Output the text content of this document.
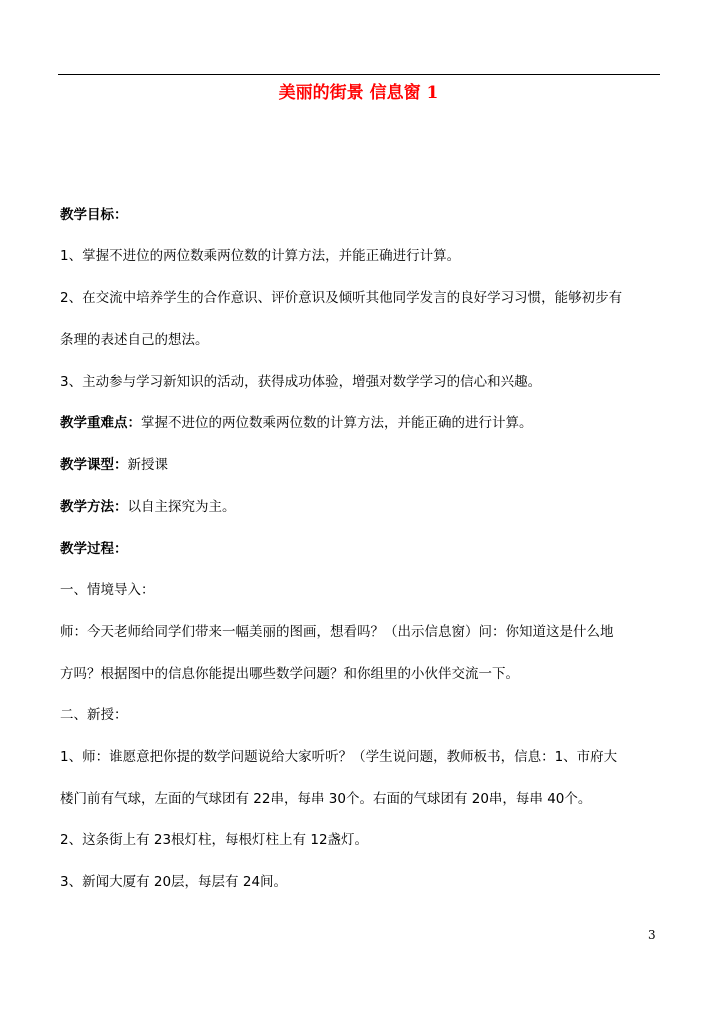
美丽的街景 信息窗 1
教学目标：
1、掌握不进位的两位数乘两位数的计算方法，并能正确进行计算。
2、在交流中培养学生的合作意识、评价意识及倾听其他同学发言的良好学习习惯，能够初步有
条理的表述自己的想法。
3、主动参与学习新知识的活动，获得成功体验，增强对数学学习的信心和兴趣。
教学重难点：掌握不进位的两位数乘两位数的计算方法，并能正确的进行计算。
教学课型：新授课
教学方法：以自主探究为主。
教学过程：
一、情境导入：
师：今天老师给同学们带来一幅美丽的图画，想看吗？（出示信息窗）问：你知道这是什么地
方吗？根据图中的信息你能提出哪些数学问题？和你组里的小伙伴交流一下。
二、新授：
1、师：谁愿意把你提的数学问题说给大家听听？（学生说问题，教师板书，信息：1、市府大
楼门前有气球，左面的气球团有 22串，每串 30个。右面的气球团有 20串，每串 40个。
2、这条街上有 23根灯柱，每根灯柱上有 12盏灯。
3、新闻大厦有 20层，每层有 24间。
3
